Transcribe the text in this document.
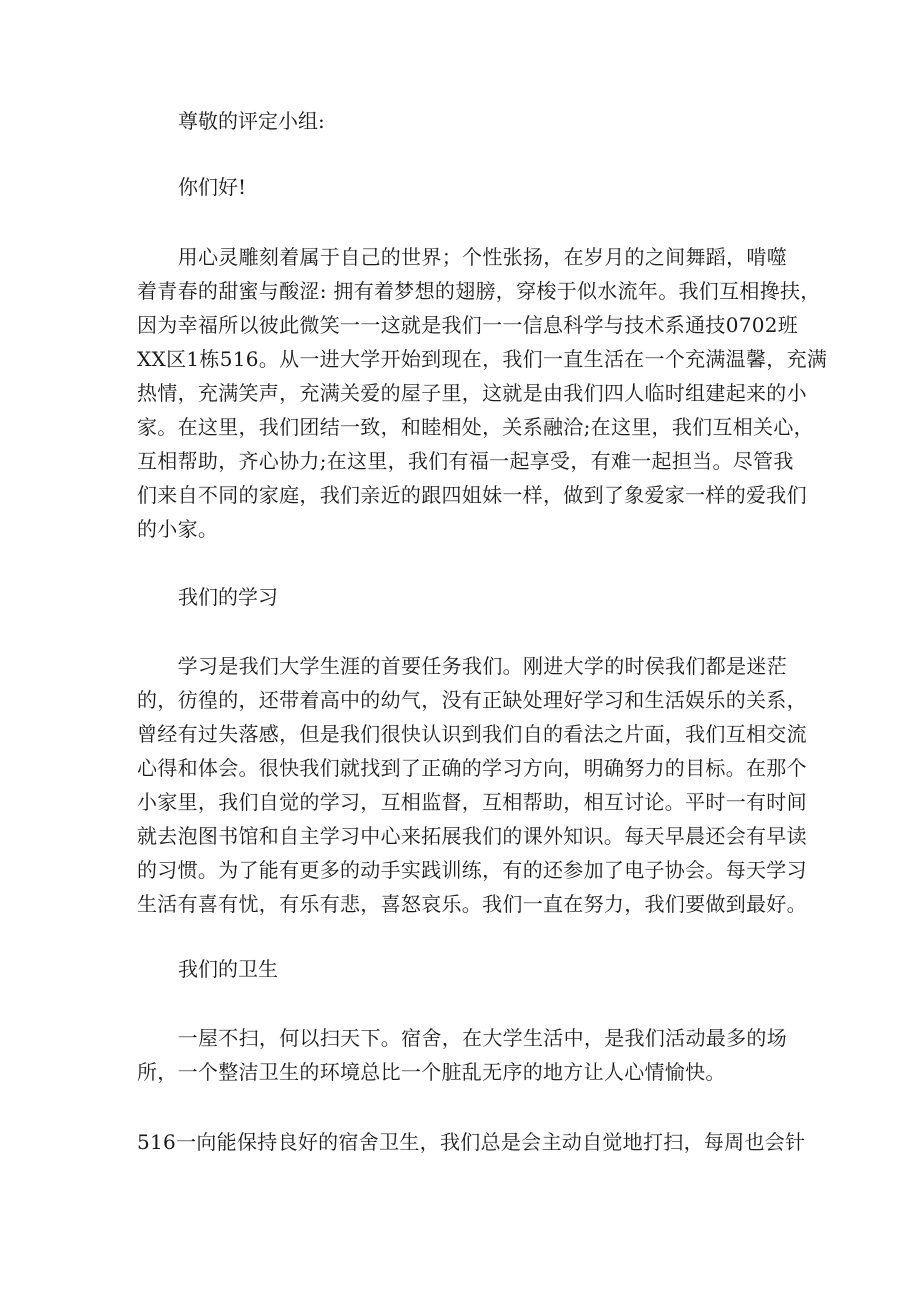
尊敬的评定小组:
你们好!
　　用心灵雕刻着属于自己的世界；个性张扬，在岁月的之间舞蹈，啃噬
着青春的甜蜜与酸涩: 拥有着梦想的翅膀，穿梭于似水流年。我们互相搀扶，
因为幸福所以彼此微笑一一这就是我们一一信息科学与技术系通技0702班
XX区1栋516。从一进大学开始到现在，我们一直生活在一个充满温馨，充满
热情，充满笑声，充满关爱的屋子里，这就是由我们四人临时组建起来的小
家。在这里，我们团结一致，和睦相处，关系融洽;在这里，我们互相关心，
互相帮助，齐心协力;在这里，我们有福一起享受，有难一起担当。尽管我
们来自不同的家庭，我们亲近的跟四姐妹一样，做到了象爱家一样的爱我们
的小家。
我们的学习
　　学习是我们大学生涯的首要任务我们。刚进大学的时侯我们都是迷茫
的，彷徨的，还带着高中的幼气，没有正缺处理好学习和生活娱乐的关系，
曾经有过失落感，但是我们很快认识到我们自的看法之片面，我们互相交流
心得和体会。很快我们就找到了正确的学习方向，明确努力的目标。在那个
小家里，我们自觉的学习，互相监督，互相帮助，相互讨论。平时一有时间
就去泡图书馆和自主学习中心来拓展我们的课外知识。每天早晨还会有早读
的习惯。为了能有更多的动手实践训练，有的还参加了电子协会。每天学习
生活有喜有忧，有乐有悲，喜怒哀乐。我们一直在努力，我们要做到最好。
我们的卫生
　　一屋不扫，何以扫天下。宿舍，在大学生活中，是我们活动最多的场
所，一个整洁卫生的环境总比一个脏乱无序的地方让人心情愉快。
516一向能保持良好的宿舍卫生，我们总是会主动自觉地打扫，每周也会针
